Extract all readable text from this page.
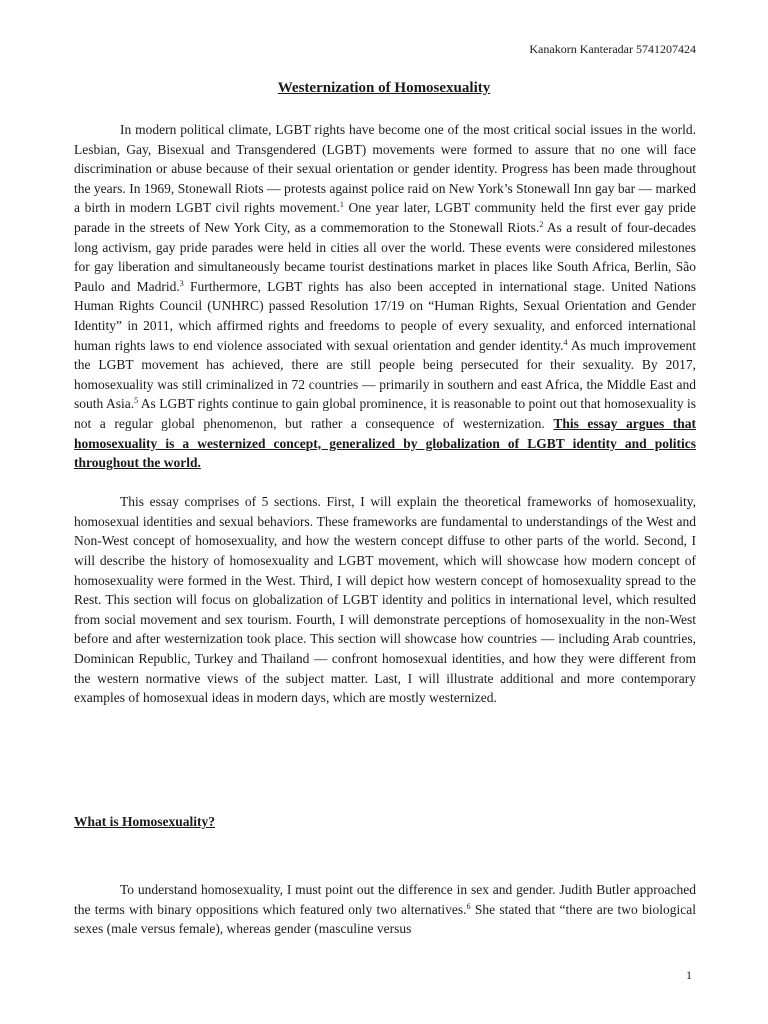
Kanakorn Kanteradar 5741207424
Westernization of Homosexuality

In modern political climate, LGBT rights have become one of the most critical social issues in the world. Lesbian, Gay, Bisexual and Transgendered (LGBT) movements were formed to assure that no one will face discrimination or abuse because of their sexual orientation or gender identity. Progress has been made throughout the years. In 1969, Stonewall Riots — protests against police raid on New York’s Stonewall Inn gay bar — marked a birth in modern LGBT civil rights movement.$^1$ One year later, LGBT community held the first ever gay pride parade in the streets of New York City, as a commemoration to the Stonewall Riots.$^2$ As a result of four-decades long activism, gay pride parades were held in cities all over the world. These events were considered milestones for gay liberation and simultaneously became tourist destinations market in places like South Africa, Berlin, São Paulo and Madrid.$^3$ Furthermore, LGBT rights has also been accepted in international stage. United Nations Human Rights Council (UNHRC) passed Resolution 17/19 on “Human Rights, Sexual Orientation and Gender Identity” in 2011, which affirmed rights and freedoms to people of every sexuality, and enforced international human rights laws to end violence associated with sexual orientation and gender identity.$^4$ As much improvement the LGBT movement has achieved, there are still people being persecuted for their sexuality. By 2017, homosexuality was still criminalized in 72 countries — primarily in southern and east Africa, the Middle East and south Asia.$^5$ As LGBT rights continue to gain global prominence, it is reasonable to point out that homosexuality is not a regular global phenomenon, but rather a consequence of westernization. This essay argues that homosexuality is a westernized concept, generalized by globalization of LGBT identity and politics throughout the world.

This essay comprises of 5 sections. First, I will explain the theoretical frameworks of homosexuality, homosexual identities and sexual behaviors. These frameworks are fundamental to understandings of the West and Non-West concept of homosexuality, and how the western concept diffuse to other parts of the world. Second, I will describe the history of homosexuality and LGBT movement, which will showcase how modern concept of homosexuality were formed in the West. Third, I will depict how western concept of homosexuality spread to the Rest. This section will focus on globalization of LGBT identity and politics in international level, which resulted from social movement and sex tourism. Fourth, I will demonstrate perceptions of homosexuality in the non-West before and after westernization took place. This section will showcase how countries — including Arab countries, Dominican Republic, Turkey and Thailand — confront homosexual identities, and how they were different from the western normative views of the subject matter. Last, I will illustrate additional and more contemporary examples of homosexual ideas in modern days, which are mostly westernized.

What is Homosexuality?

To understand homosexuality, I must point out the difference in sex and gender. Judith Butler approached the terms with binary oppositions which featured only two alternatives.$^6$ She stated that “there are two biological sexes (male versus female), whereas gender (masculine versus

1
